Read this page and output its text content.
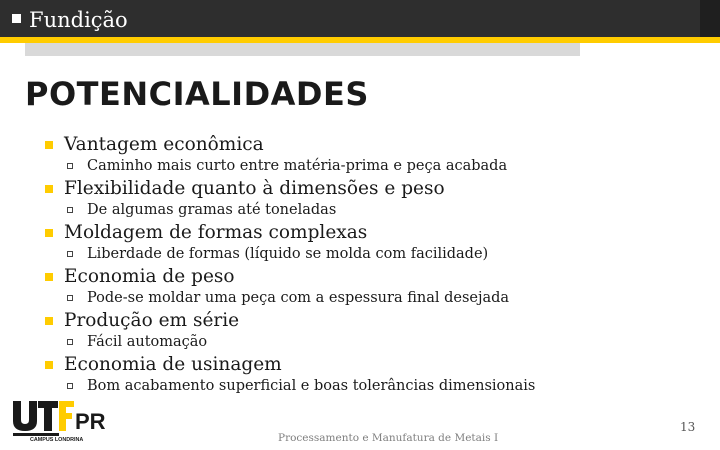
Fundição
POTENCIALIDADES
Vantagem econômica
Caminho mais curto entre matéria-prima e peça acabada
Flexibilidade quanto à dimensões e peso
De algumas gramas até toneladas
Moldagem de formas complexas
Liberdade de formas (líquido se molda com facilidade)
Economia de peso
Pode-se moldar uma peça com a espessura final desejada
Produção em série
Fácil automação
Economia de usinagem
Bom acabamento superficial e boas tolerâncias dimensionais
PR
CAMPUS LONDRINA	Processamento e Manufatura de Metais I
13
